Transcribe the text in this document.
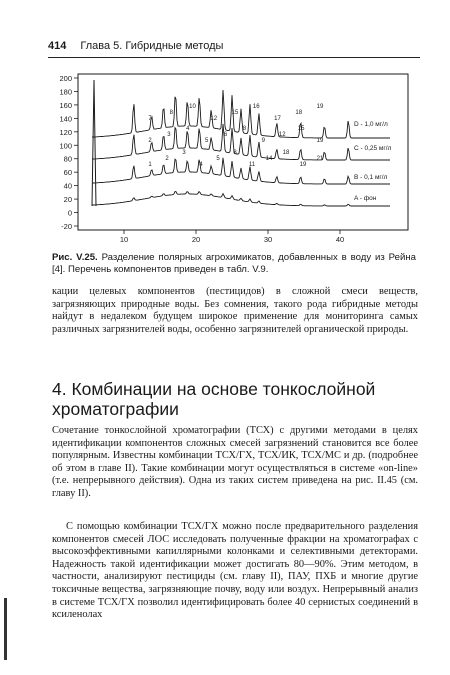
414 Глава 5. Гибридные методы
200
180
160
140
120
100
80
60
40
20
0
-20
10	20	30	40
D - 1,0 мг/л
C - 0,25 мг/л
B - 0,1 мг/л
A - фон
7
8
10
12
15
16
17
18
19
2
3
4
5
6
8
9
12
15
19
1
2
3
4
5
8
11
14
18
19
21
Рис. V.25. Разделение полярных агрохимикатов, добавленных в воду из Рейна [4]. Перечень компонентов приведен в табл. V.9.
кации целевых компонентов (пестицидов) в сложной смеси веществ, загрязняющих природные воды. Без сомнения, такого рода гибридные методы найдут в недалеком будущем широкое применение для мониторинга самых различных загрязнителей воды, особенно загрязнителей органической природы.
4. Комбинации на основе тонкослойной хроматографии
Сочетание тонкослойной хроматографии (ТСХ) с другими методами в целях идентификации компонентов сложных смесей загрязнений становится все более популярным. Известны комбинации ТСХ/ГХ, ТСХ/ИК, ТСХ/МС и др. (подробнее об этом в главе II). Такие комбинации могут осуществляться в системе «on-line» (т.е. непрерывного действия). Одна из таких систем приведена на рис. II.45 (см. главу II).
С помощью комбинации ТСХ/ГХ можно после предварительного разделения компонентов смесей ЛОС исследовать полученные фракции на хроматографах с высокоэффективными капиллярными колонками и селективными детекторами. Надежность такой идентификации может достигать 80—90%. Этим методом, в частности, анализируют пестициды (см. главу II), ПАУ, ПХБ и многие другие токсичные вещества, загрязняющие почву, воду или воздух. Непрерывный анализ в системе ТСХ/ГХ позволил идентифицировать более 40 сернистых соединений в ксиленолах
